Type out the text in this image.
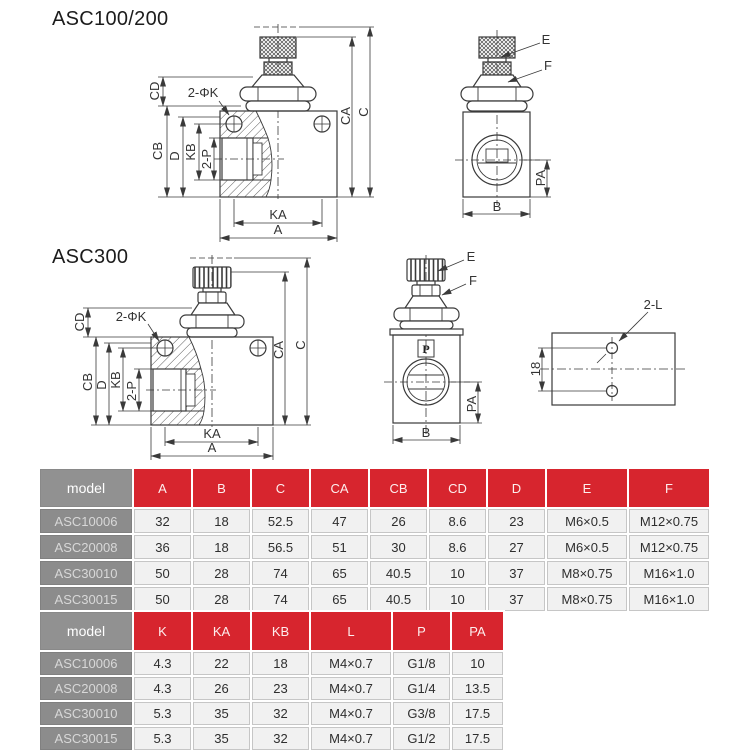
ASC100/200
ASC300
CD
CB D KB 2-P
2-ΦK
KA
A
CA C
E
F
PA
B
CD
CB D KB
2-P
2-ΦK
KA
A
CA C	P
E
F
PA
B
2-L
18
model	A	B	C	CA	CB	CD	D	E	F
ASC10006	32	18	52.5	47	26	8.6	23	M6×0.5	M12×0.75
ASC20008	36	18	56.5	51	30	8.6	27	M6×0.5	M12×0.75
ASC30010	50	28	74	65	40.5	10	37	M8×0.75	M16×1.0
ASC30015	50	28	74	65	40.5	10	37	M8×0.75	M16×1.0
model	K	KA	KB	L	P	PA
ASC10006	4.3	22	18	M4×0.7	G1/8	10
ASC20008	4.3	26	23	M4×0.7	G1/4	13.5
ASC30010	5.3	35	32	M4×0.7	G3/8	17.5
ASC30015	5.3	35	32	M4×0.7	G1/2	17.5
